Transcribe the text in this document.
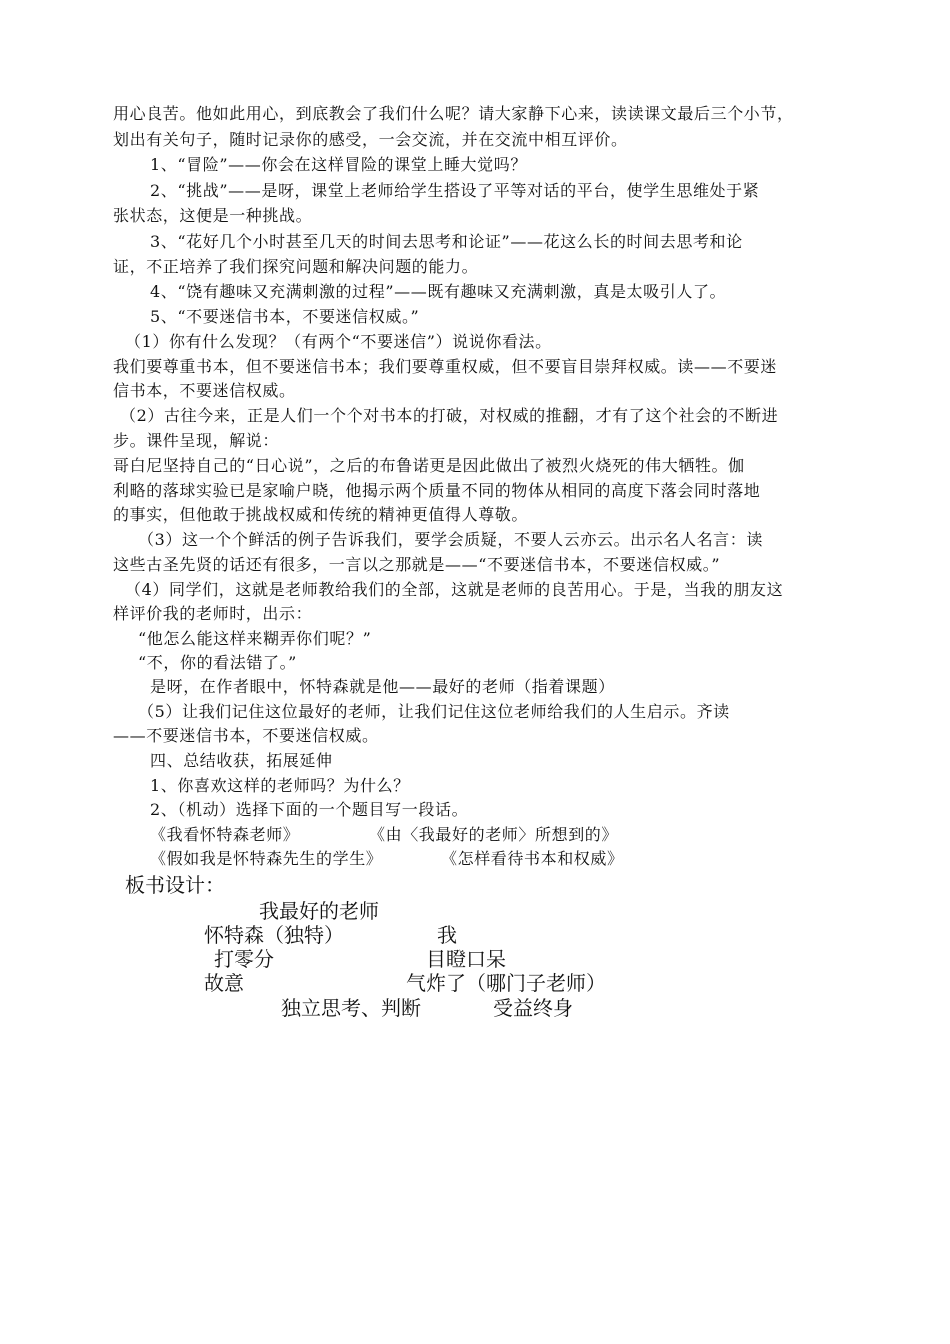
用心良苦。他如此用心，到底教会了我们什么呢？请大家静下心来，读读课文最后三个小节，
划出有关句子，随时记录你的感受，一会交流，并在交流中相互评价。
1、“冒险”——你会在这样冒险的课堂上睡大觉吗？
2、“挑战”——是呀，课堂上老师给学生搭设了平等对话的平台，使学生思维处于紧
张状态，这便是一种挑战。
3、“花好几个小时甚至几天的时间去思考和论证”——花这么长的时间去思考和论
证，不正培养了我们探究问题和解决问题的能力。
4、“饶有趣味又充满刺激的过程”——既有趣味又充满刺激，真是太吸引人了。
5、“不要迷信书本，不要迷信权威。”
（1）你有什么发现？（有两个“不要迷信”）说说你看法。
我们要尊重书本，但不要迷信书本；我们要尊重权威，但不要盲目崇拜权威。读——不要迷
信书本，不要迷信权威。
（2）古往今来，正是人们一个个对书本的打破，对权威的推翻，才有了这个社会的不断进
步。课件呈现，解说：
哥白尼坚持自己的“日心说”，之后的布鲁诺更是因此做出了被烈火烧死的伟大牺牲。伽
利略的落球实验已是家喻户晓，他揭示两个质量不同的物体从相同的高度下落会同时落地
的事实，但他敢于挑战权威和传统的精神更值得人尊敬。
（3）这一个个鲜活的例子告诉我们，要学会质疑，不要人云亦云。出示名人名言：读
这些古圣先贤的话还有很多，一言以之那就是——“不要迷信书本，不要迷信权威。”
（4）同学们，这就是老师教给我们的全部，这就是老师的良苦用心。于是，当我的朋友这
样评价我的老师时，出示：
“他怎么能这样来糊弄你们呢？”
“不，你的看法错了。”
是呀，在作者眼中，怀特森就是他——最好的老师（指着课题）
（5）让我们记住这位最好的老师，让我们记住这位老师给我们的人生启示。齐读
——不要迷信书本，不要迷信权威。
四、总结收获，拓展延伸
1、你喜欢这样的老师吗？为什么？
2、（机动）选择下面的一个题目写一段话。
《我看怀特森老师》	《由〈我最好的老师〉所想到的》
《假如我是怀特森先生的学生》	《怎样看待书本和权威》
板书设计：
我最好的老师
怀特森（独特）	我
打零分	目瞪口呆
故意	气炸了（哪门子老师）
独立思考、判断	受益终身
